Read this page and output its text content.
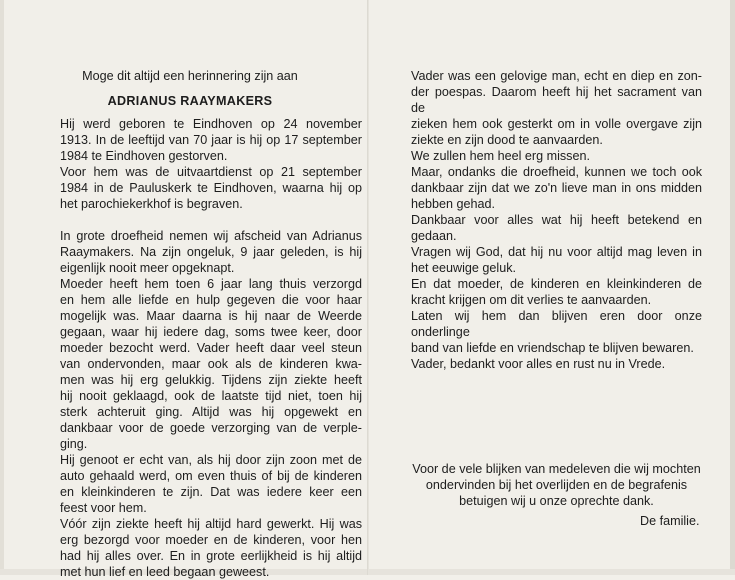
Moge dit altijd een herinnering zijn aan

ADRIANUS RAAYMAKERS

Hij werd geboren te Eindhoven op 24 november
1913. In de leeftijd van 70 jaar is hij op 17 september
1984 te Eindhoven gestorven.
Voor hem was de uitvaartdienst op 21 september
1984 in de Pauluskerk te Eindhoven, waarna hij op
het parochiekerkhof is begraven.
In grote droefheid nemen wij afscheid van Adrianus
Raaymakers. Na zijn ongeluk, 9 jaar geleden, is hij
eigenlijk nooit meer opgeknapt.
Moeder heeft hem toen 6 jaar lang thuis verzorgd
en hem alle liefde en hulp gegeven die voor haar
mogelijk was. Maar daarna is hij naar de Weerde
gegaan, waar hij iedere dag, soms twee keer, door
moeder bezocht werd. Vader heeft daar veel steun
van ondervonden, maar ook als de kinderen kwa-
men was hij erg gelukkig. Tijdens zijn ziekte heeft
hij nooit geklaagd, ook de laatste tijd niet, toen hij
sterk achteruit ging. Altijd was hij opgewekt en
dankbaar voor de goede verzorging van de verple-
ging.
Hij genoot er echt van, als hij door zijn zoon met de
auto gehaald werd, om even thuis of bij de kinderen
en kleinkinderen te zijn. Dat was iedere keer een
feest voor hem.
Vóór zijn ziekte heeft hij altijd hard gewerkt. Hij was
erg bezorgd voor moeder en de kinderen, voor hen
had hij alles over. En in grote eerlijkheid is hij altijd
met hun lief en leed begaan geweest.
Vader was een gelovige man, echt en diep en zon-
der poespas. Daarom heeft hij het sacrament van de
zieken hem ook gesterkt om in volle overgave zijn
ziekte en zijn dood te aanvaarden.
We zullen hem heel erg missen.
Maar, ondanks die droefheid, kunnen we toch ook
dankbaar zijn dat we zo'n lieve man in ons midden
hebben gehad.
Dankbaar voor alles wat hij heeft betekend en
gedaan.
Vragen wij God, dat hij nu voor altijd mag leven in
het eeuwige geluk.
En dat moeder, de kinderen en kleinkinderen de
kracht krijgen om dit verlies te aanvaarden.
Laten wij hem dan blijven eren door onze onderlinge
band van liefde en vriendschap te blijven bewaren.
Vader, bedankt voor alles en rust nu in Vrede.
Voor de vele blijken van medeleven die wij mochten
ondervinden bij het overlijden en de begrafenis
betuigen wij u onze oprechte dank.
De familie.
